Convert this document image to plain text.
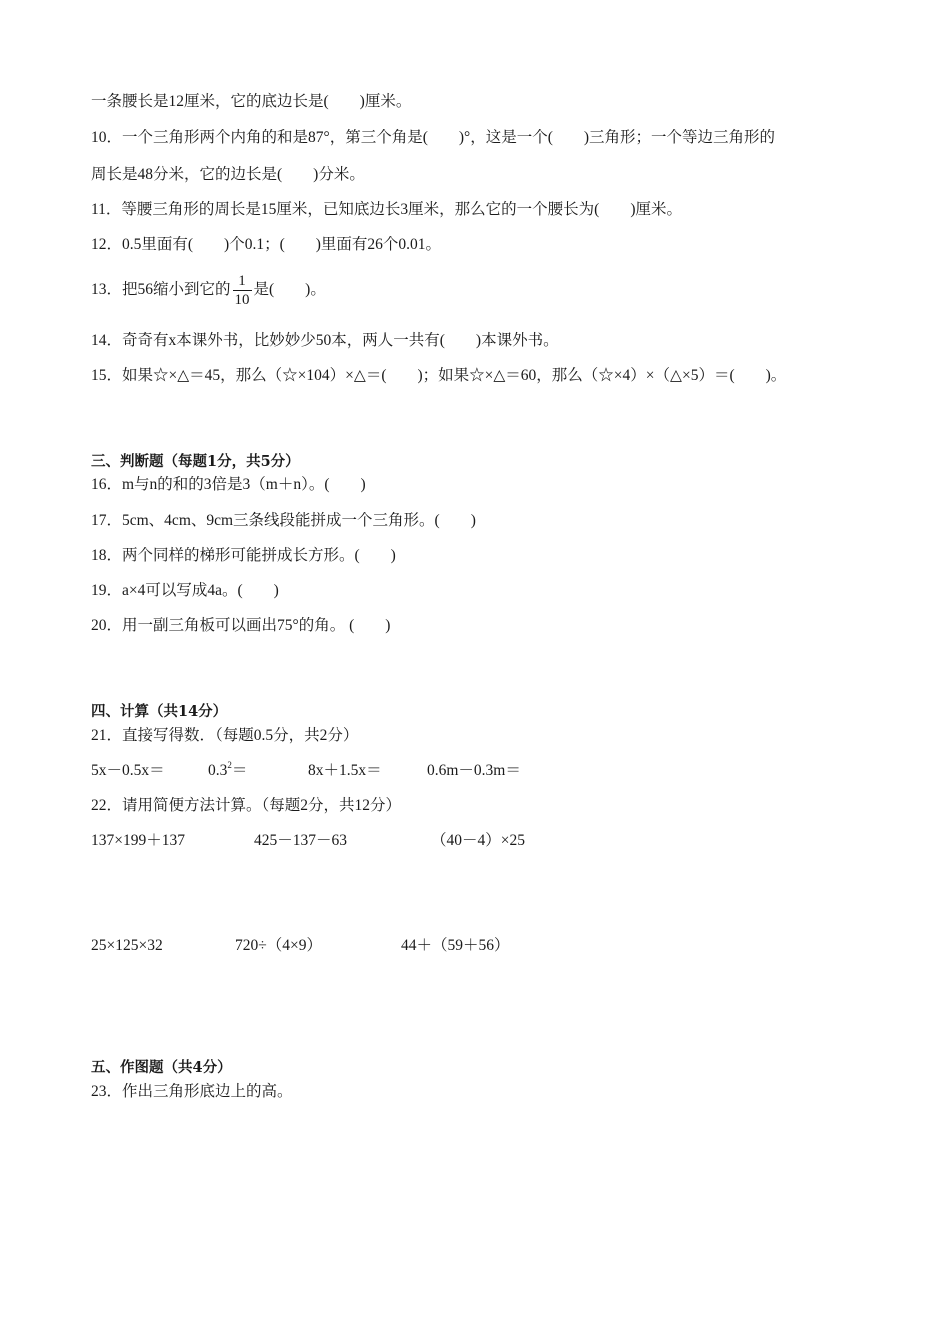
一条腰长是12厘米，它的底边长是(　　)厘米。
10．一个三角形两个内角的和是87°，第三个角是(　　)°，这是一个(　　)三角形；一个等边三角形的
周长是48分米，它的边长是(　　)分米。
11．等腰三角形的周长是15厘米，已知底边长3厘米，那么它的一个腰长为(　　)厘米。
12．0.5里面有(　　)个0.1；(　　)里面有26个0.01。
13．把56缩小到它的 $\frac{1}{10}$ 是(　　)。
14．奇奇有x本课外书，比妙妙少50本，两人一共有(　　)本课外书。
15．如果☆×△＝45，那么（☆×104）×△＝(　　)；如果☆×△＝60，那么（☆×4）×（△×5）＝(　　)。
三、判断题（每题1分，共5分）
16．m与n的和的3倍是3（m＋n）。(　　)
17．5cm、4cm、9cm三条线段能拼成一个三角形。(　　)
18．两个同样的梯形可能拼成长方形。(　　)
19．a×4可以写成4a。(　　)
20．用一副三角板可以画出75°的角。 (　　)
四、计算（共14分）
21．直接写得数．（每题0.5分，共2分）
5x－0.5x＝	$0.3^2=$	8x＋1.5x＝	0.6m－0.3m＝
22．请用简便方法计算。（每题2分，共12分）
137×199＋137	425－137－63	（40－4）×25
25×125×32	720÷（4×9）	44＋（59＋56）
五、作图题（共4分）
23．作出三角形底边上的高。
